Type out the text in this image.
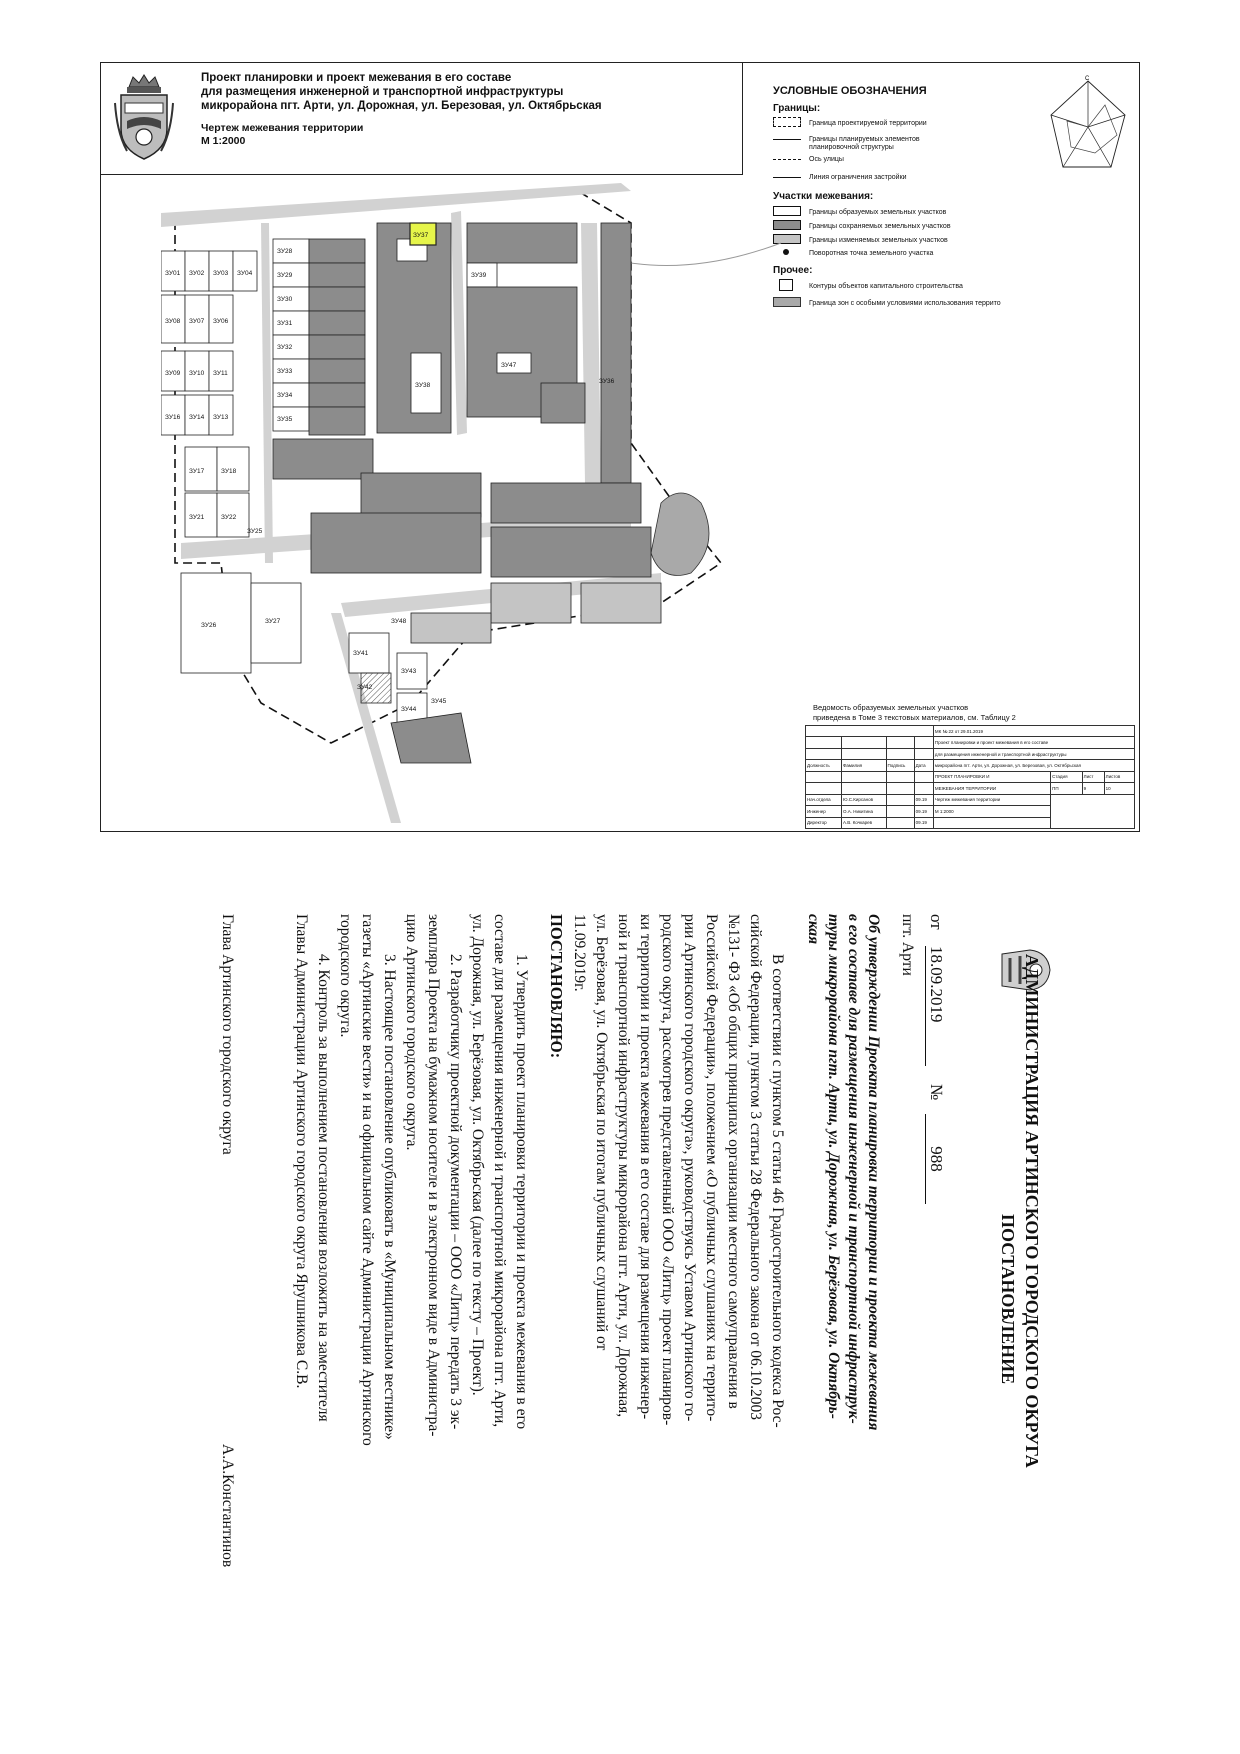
Проект планировки и проект межевания в его составе
для размещения инженерной и транспортной инфраструктуры
микрорайона пгт. Арти, ул. Дорожная, ул. Березовая, ул. Октябрьская
Чертеж межевания территории
М 1:2000
УСЛОВНЫЕ ОБОЗНАЧЕНИЯ
Границы:
Граница проектируемой территории
Границы планируемых элементов
планировочной структуры
Ось улицы
Линия ограничения застройки
Участки межевания:
Границы образуемых земельных участков
Границы сохраняемых земельных участков
Границы изменяемых земельных участков
Поворотная точка земельного участка
Прочее:
Контуры объектов капитального строительства
Граница зон с особыми условиями использования террито
С
ЗУ01 ЗУ02 ЗУ03 ЗУ04
ЗУ08 ЗУ07 ЗУ06
ЗУ09 ЗУ10 ЗУ11
ЗУ16 ЗУ14 ЗУ13
ЗУ17	ЗУ18
ЗУ21	ЗУ22
ЗУ25
ЗУ26
ЗУ27
ЗУ28
ЗУ29
ЗУ30
ЗУ31
ЗУ32
ЗУ33
ЗУ34
ЗУ35
ЗУ37
ЗУ38
ЗУ47
ЗУ39
ЗУ36
ЗУ41
ЗУ42
ЗУ43
ЗУ44
ЗУ45
ЗУ48
Ведомость образуемых земельных участков
приведена в Томе 3 текстовых материалов, см. Таблицу 2
				МК № 22 от 29.01.2019			
				Проект планировки и проект межевания в его составе			
				для размещения инженерной и транспортной инфраструктуры			
Должность	Фамилия	Подпись	Дата	микрорайона пгт. Арти, ул. Дорожная, ул. Березовая, ул. Октябрьская			
				ПРОЕКТ ПЛАНИРОВКИ И	Стадия	Лист	Листов
				МЕЖЕВАНИЯ ТЕРРИТОРИИ	ПП	9	10
Нач.отдела	Ю.С.Кирсанов		09.19	Чертеж межевания территории			
Инженер	О.А. Никитина		09.19	М 1:2000			
Директор	А.В. Кочкарев		09.19				
АДМИНИСТРАЦИЯ АРТИНСКОГО ГОРОДСКОГО ОКРУГА
ПОСТАНОВЛЕНИЕ
от
18.09.2019
№
988
пгт. Арти
Об утверждении Проекта планировки территории и проекта межевания
в его составе для размещения инженерной и транспортной инфраструк-
туры микрорайона пгт. Арти, ул. Дорожная, ул. Берёзовая, ул. Октябрь-
ская
В соответствии с пунктом 5 статьи 46 Градостроительного кодекса Рос-
сийской Федерации, пунктом 3 статьи 28 Федерального закона от 06.10.2003
№131- ФЗ «Об общих принципах организации местного самоуправления в
Российской Федерации», положением «О публичных слушаниях на террито-
рии Артинского городского округа», руководствуясь Уставом Артинского го-
родского округа, рассмотрев представленный ООО «Литц» проект планиров-
ки территории и проекта межевания в его составе для размещения инженер-
ной и транспортной инфраструктуры микрорайона пгт. Арти, ул. Дорожная,
ул. Берёзовая, ул. Октябрьская по итогам публичных слушаний от
11.09.2019г.
ПОСТАНОВЛЯЮ:
1. Утвердить проект планировки территории и проекта межевания в его
составе для размещения инженерной и транспортной микрорайона пгт. Арти,
ул. Дорожная, ул. Берёзовая, ул. Октябрьская (далее по тексту – Проект).
2. Разработчику проектной документации – ООО «Литц» передать 3 эк-
земпляра Проекта на бумажном носителе и в электронном виде в Администра-
цию Артинского городского округа.
3. Настоящее постановление опубликовать в «Муниципальном вестнике»
газеты «Артинские вести» и на официальном сайте Администрации Артинского
городского округа.
4. Контроль за выполнением постановления возложить на заместителя
Главы Администрации Артинского городского округа Ярушникова С.В.
Глава Артинского городского округа
А.А.Константинов
